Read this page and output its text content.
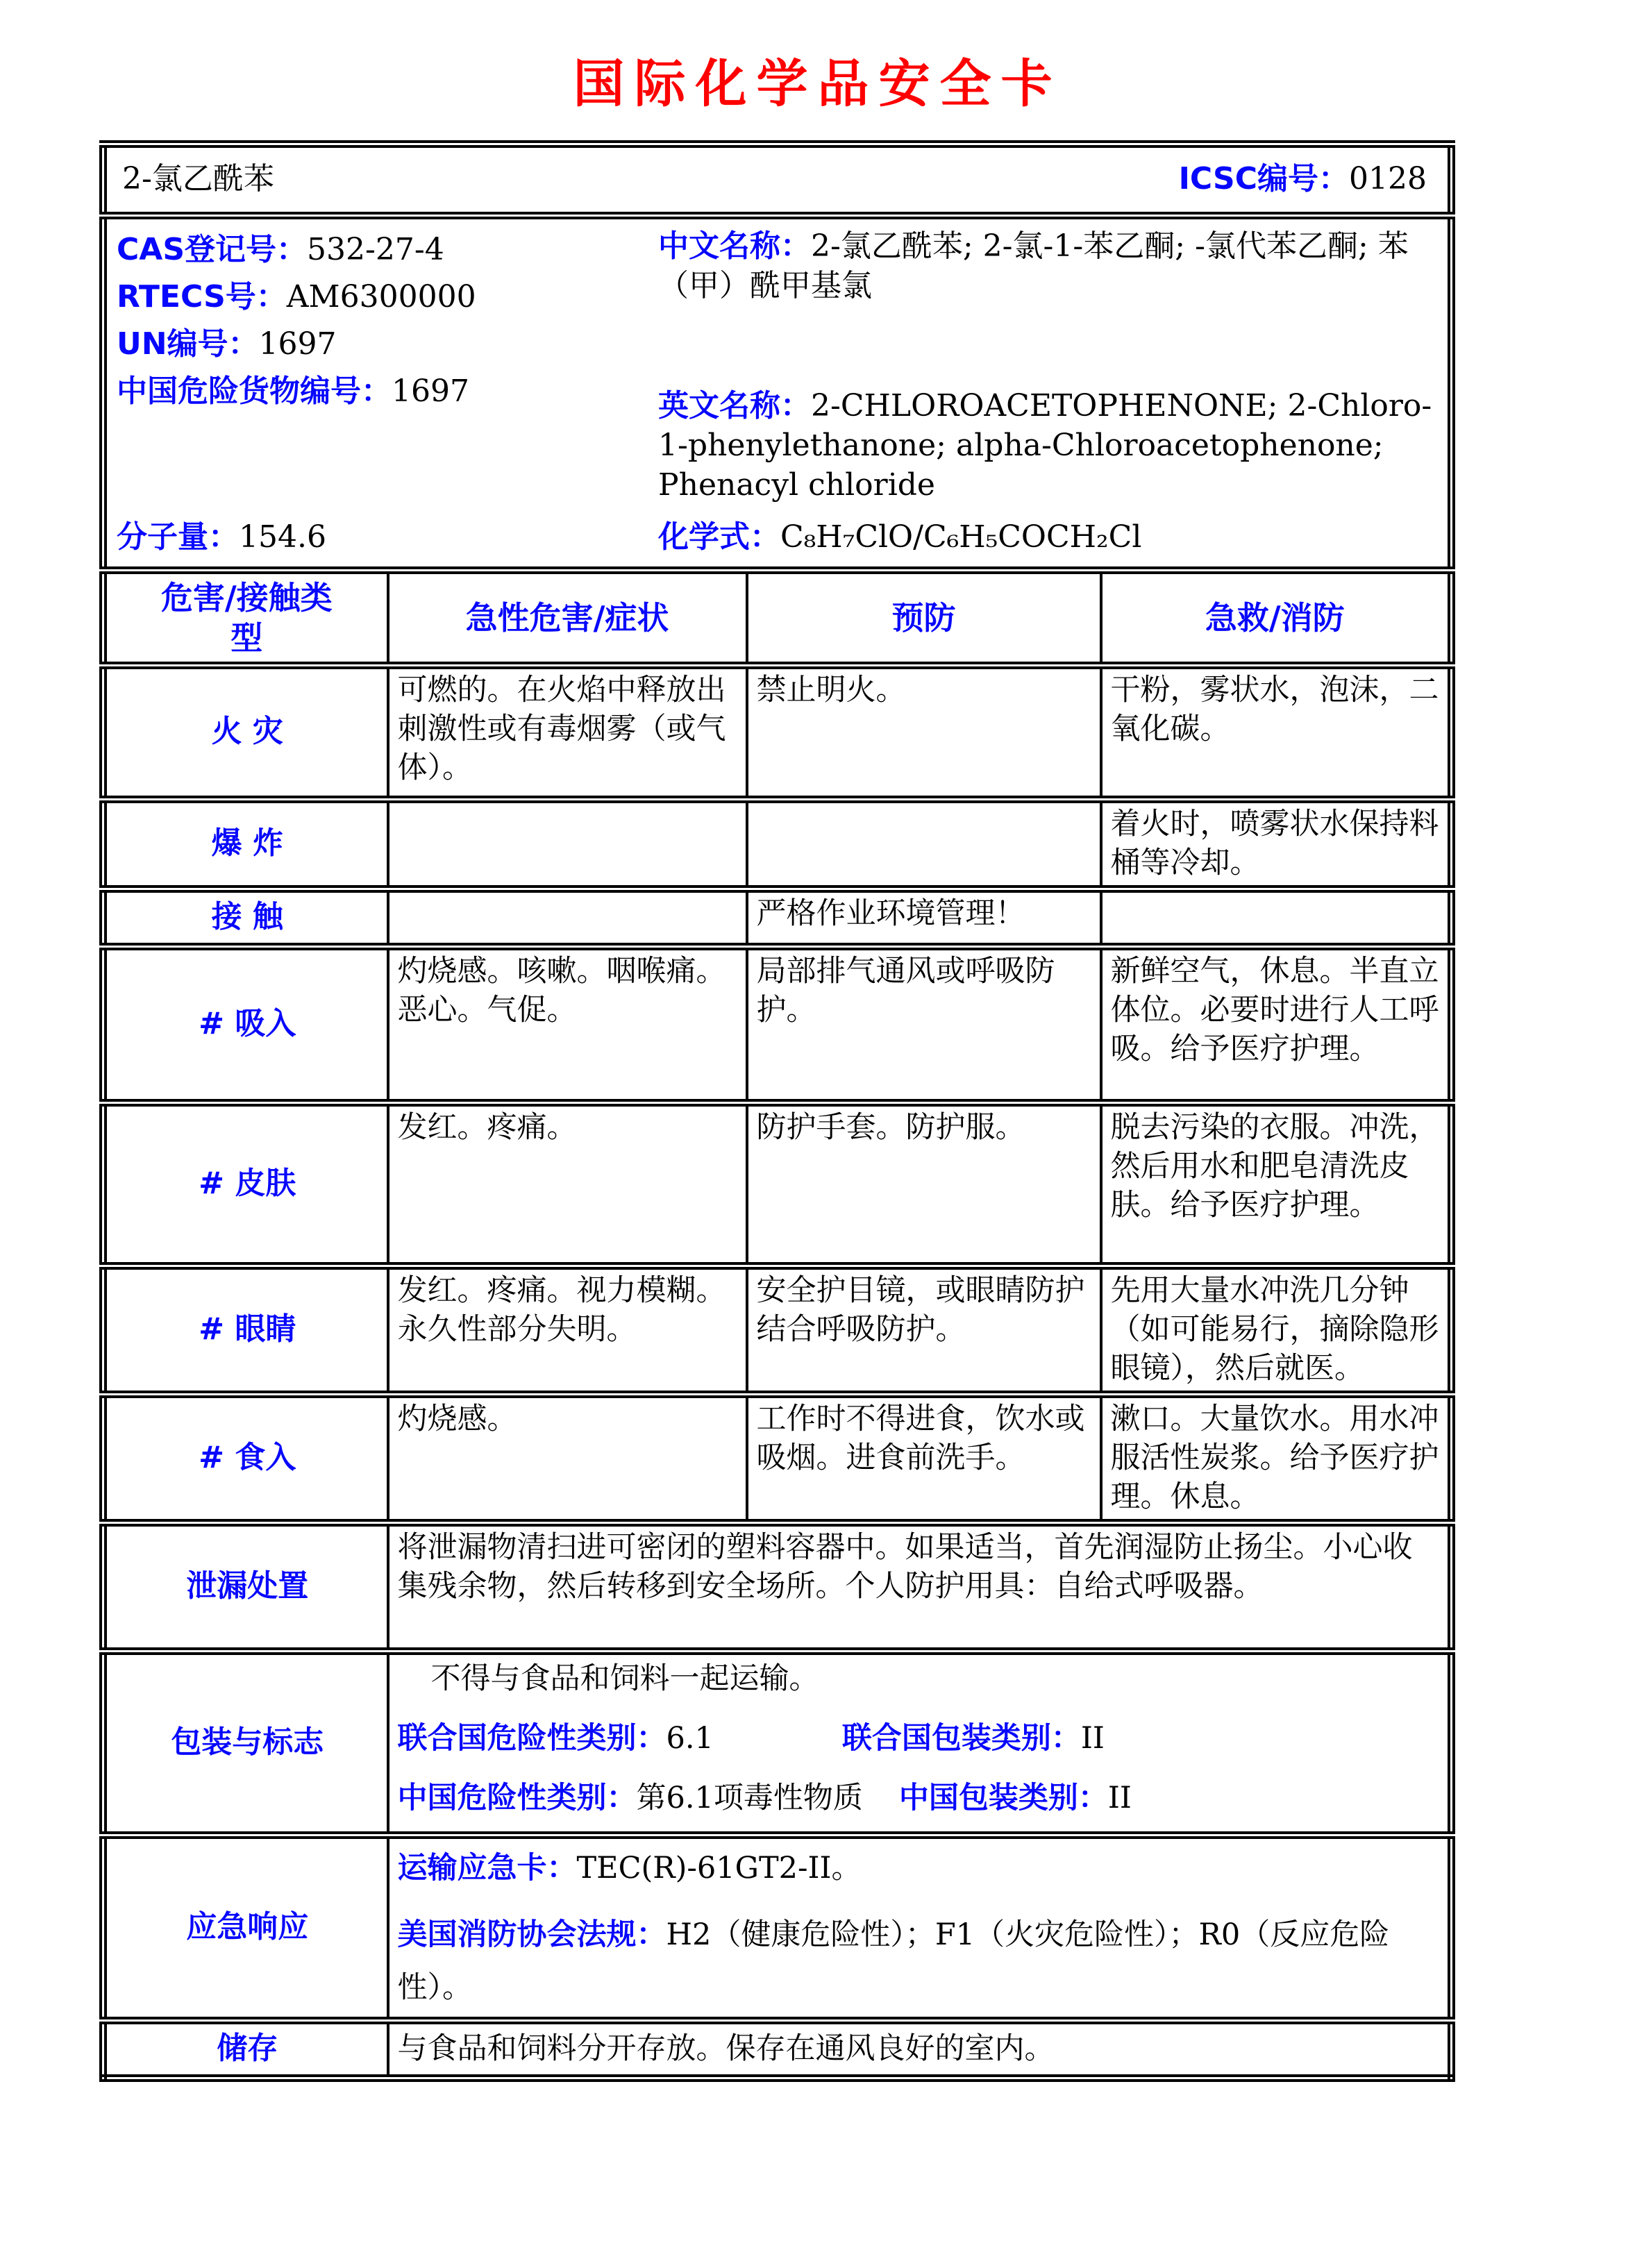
国际化学品安全卡
2-氯乙酰苯 ICSC编号：0128			

CAS登记号：532-27-4

RTECS号：AM6300000

UN编号：1697

中国危险货物编号：1697

中文名称：2-氯乙酰苯; 2-氯-1-苯乙酮; -氯代苯乙酮; 苯（甲）酰甲基氯

英文名称：2-CHLOROACETOPHENONE; 2-Chloro-1-phenylethanone; alpha-Chloroacetophenone; Phenacyl chloride

分子量：154.6	化学式：C₈H₇ClO/C₆H₅COCH₂Cl

危害/接触类型	急性危害/症状	预防	急救/消防

火 灾	可燃的。在火焰中释放出刺激性或有毒烟雾（或气体）。	禁止明火。	干粉，雾状水，泡沫，二氧化碳。
爆 炸			着火时，喷雾状水保持料桶等冷却。
接 触		严格作业环境管理！	
# 吸入	灼烧感。咳嗽。咽喉痛。恶心。气促。	局部排气通风或呼吸防护。	新鲜空气，休息。半直立体位。必要时进行人工呼吸。给予医疗护理。
# 皮肤	发红。疼痛。	防护手套。防护服。	脱去污染的衣服。冲洗，然后用水和肥皂清洗皮肤。给予医疗护理。
# 眼睛	发红。疼痛。视力模糊。永久性部分失明。	安全护目镜，或眼睛防护结合呼吸防护。	先用大量水冲洗几分钟（如可能易行，摘除隐形眼镜），然后就医。
# 食入	灼烧感。	工作时不得进食，饮水或吸烟。进食前洗手。	漱口。大量饮水。用水冲服活性炭浆。给予医疗护理。休息。
泄漏处置	将泄漏物清扫进可密闭的塑料容器中。如果适当，首先润湿防止扬尘。小心收集残余物，然后转移到安全场所。个人防护用具：自给式呼吸器。		
包装与标志	不得与食品和饲料一起运输。

联合国危险性类别：6.1 联合国包装类别：II

中国危险性类别：第6.1项毒性物质 中国包装类别：II		

应急响应	运输应急卡：TEC(R)-61GT2-II。

美国消防协会法规：H2（健康危险性）；F1（火灾危险性）；R0（反应危险性）。		

储存	与食品和饲料分开存放。保存在通风良好的室内。		
